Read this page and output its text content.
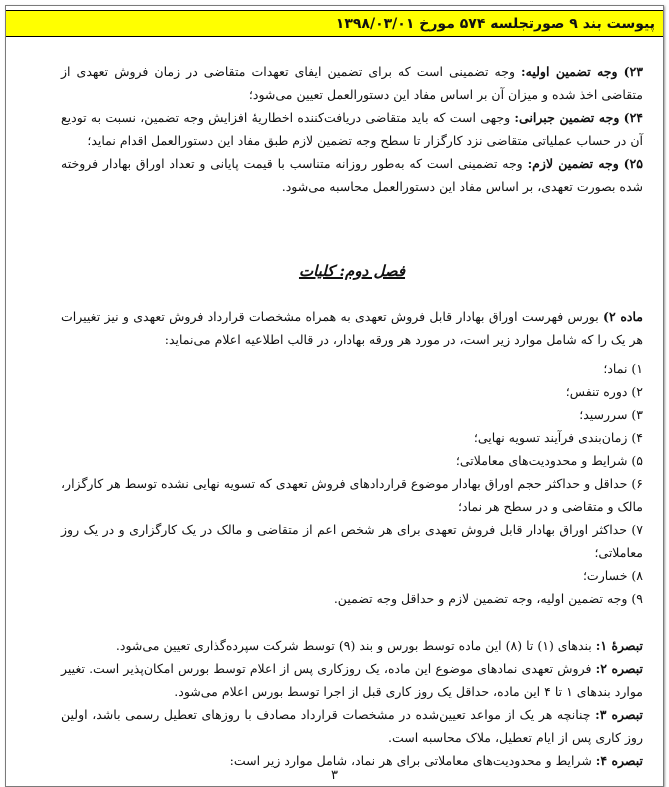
پیوست بند ۹ صورتجلسه ۵۷۴ مورخ ۱۳۹۸/۰۳/۰۱

۲۳) وجه تضمین اولیه: وجه تضمینی است که برای تضمین ایفای تعهدات متقاضی در زمان فروش تعهدی از متقاضی اخذ شده و میزان آن بر اساس مفاد این دستورالعمل تعیین می‌شود؛

۲۴) وجه تضمین جبرانی: وجهی است که باید متقاضی دریافت‌کننده اخطاریهٔ افزایش وجه تضمین، نسبت به تودیع آن در حساب عملیاتی متقاضی نزد کارگزار تا سطح وجه تضمین لازم طبق مفاد این دستورالعمل اقدام نماید؛

۲۵) وجه تضمین لازم: وجه تضمینی است که به‌طور روزانه متناسب با قیمت پایانی و تعداد اوراق بهادار فروخته شده بصورت تعهدی، بر اساس مفاد این دستورالعمل محاسبه می‌شود.

فصل دوم: کلیات

ماده ۲) بورس فهرست اوراق بهادار قابل فروش تعهدی به همراه مشخصات قرارداد فروش تعهدی و نیز تغییرات هر یک را که شامل موارد زیر است، در مورد هر ورقه بهادار، در قالب اطلاعیه اعلام می‌نماید:

۱) نماد؛
۲) دوره تنفس؛
۳) سررسید؛
۴) زمان‌بندی فرآیند تسویه نهایی؛
۵) شرایط و محدودیت‌های معاملاتی؛
۶) حداقل و حداکثر حجم اوراق بهادار موضوع قراردادهای فروش تعهدی که تسویه نهایی نشده توسط هر کارگزار، مالک و متقاضی و در سطح هر نماد؛
۷) حداکثر اوراق بهادار قابل فروش تعهدی برای هر شخص اعم از متقاضی و مالک در یک کارگزاری و در یک روز معاملاتی؛
۸) خسارت؛
۹) وجه تضمین اولیه، وجه تضمین لازم و حداقل وجه تضمین.

تبصرهٔ ۱: بندهای (۱) تا (۸) این ماده توسط بورس و بند (۹) توسط شرکت سپرده‌گذاری تعیین می‌شود.

تبصره ۲: فروش تعهدی نمادهای موضوع این ماده، یک روزکاری پس از اعلام توسط بورس امکان‌پذیر است. تغییر موارد بندهای ۱ تا ۴ این ماده، حداقل یک روز کاری قبل از اجرا توسط بورس اعلام می‌شود.

تبصره ۳: چنانچه هر یک از مواعد تعیین‌شده در مشخصات قرارداد مصادف با روزهای تعطیل رسمی باشد، اولین روز کاری پس از ایام تعطیل، ملاک محاسبه است.

تبصره ۴: شرایط و محدودیت‌های معاملاتی برای هر نماد، شامل موارد زیر است:

۳
